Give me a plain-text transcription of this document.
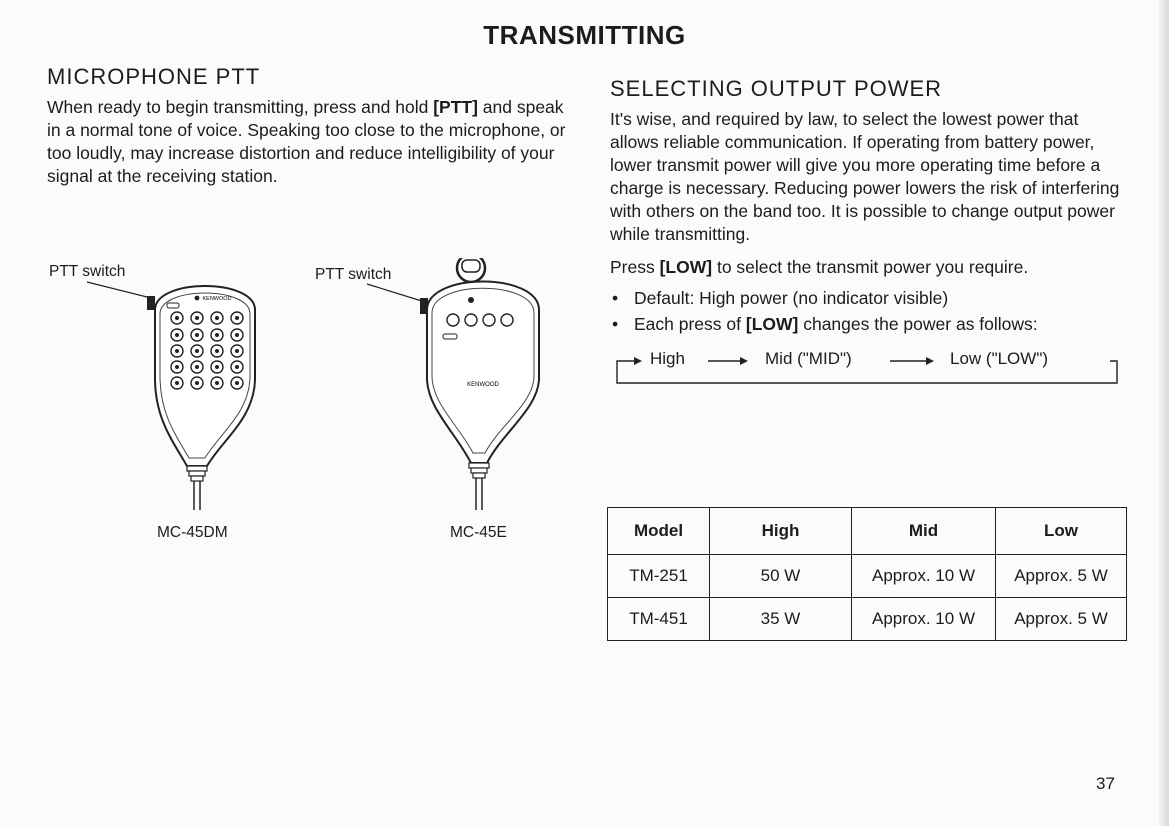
TRANSMITTING
MICROPHONE PTT

When ready to begin transmitting, press and hold [PTT] and speak in a normal tone of voice. Speaking too close to the microphone, or too loudly, may increase distortion and reduce intelligibility of your signal at the receiving station.

PTT switch	PTT switch
KENWOOD
KENWOOD
MC-45DM	MC-45E
SELECTING OUTPUT POWER

It's wise, and required by law, to select the lowest power that allows reliable communication. If operating from battery power, lower transmit power will give you more operating time before a charge is necessary. Reducing power lowers the risk of interfering with others on the band too. It is possible to change output power while transmitting.

Press [LOW] to select the transmit power you require.

• Default: High power (no indicator visible)
• Each press of [LOW] changes the power as follows:
High	Mid ("MID")	Low ("LOW")
Model	High	Mid	Low
TM-251	50 W	Approx. 10 W	Approx. 5 W
TM-451	35 W	Approx. 10 W	Approx. 5 W
37
